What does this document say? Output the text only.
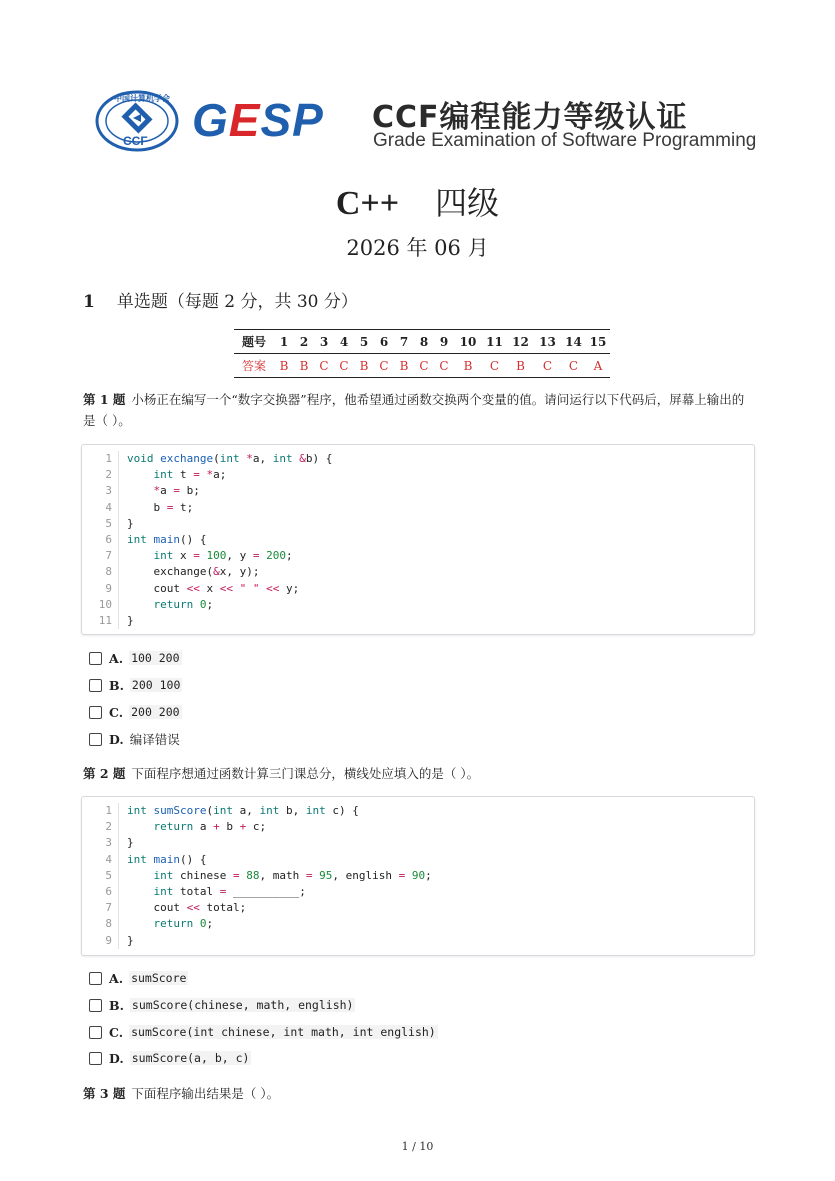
中国计算机学会
CCF GESP CCF编程能力等级认证
Grade Examination of Software Programming
C++ 四级
2026 年 06 月
1 单选题（每题 2 分，共 30 分）
题号	1	2	3	4	5	6	7	8	9	10	11	12	13	14	15
答案	B	B	C	C	B	C	B	C	C	B	C	B	C	C	A
第 1 题 小杨正在编写一个“数字交换器”程序，他希望通过函数交换两个变量的值。请问运行以下代码后，屏幕上输出的是（ ）。
1	void exchange(int *a, int &b) {
2	int t = *a;
3	*a = b;
4	b = t;
5	}
6	int main() {
7	int x = 100, y = 200;
8	exchange(&x, y);
9	cout << x << " " << y;
10	return 0;
11	}
A. 100 200
B. 200 100
C. 200 200
D. 编译错误
第 2 题 下面程序想通过函数计算三门课总分，横线处应填入的是（ ）。
1	int sumScore(int a, int b, int c) {
2	return a + b + c;
3	}
4	int main() {
5	int chinese = 88, math = 95, english = 90;
6	int total = __________;
7	cout << total;
8	return 0;
9	}
A. sumScore
B. sumScore(chinese, math, english)
C. sumScore(int chinese, int math, int english)
D. sumScore(a, b, c)
第 3 题 下面程序输出结果是（ ）。
1 / 10
